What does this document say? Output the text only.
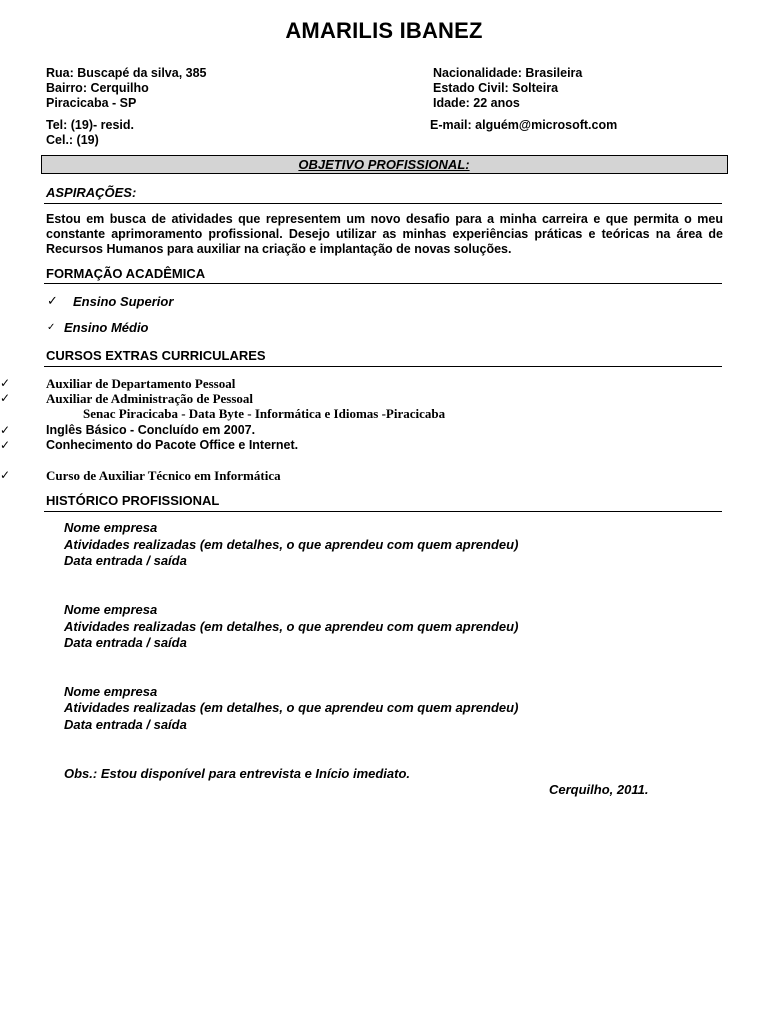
AMARILIS IBANEZ
Rua: Buscapé da silva, 385
Bairro: Cerquilho
Piracicaba - SP
Tel: (19)- resid.
Cel.: (19)
Nacionalidade: Brasileira
Estado Civil: Solteira
Idade: 22 anos
E-mail: alguém@microsoft.com
OBJETIVO PROFISSIONAL:
ASPIRAÇÕES:
Estou em busca de atividades que representem um novo desafio para a minha carreira e que permita o meu constante aprimoramento profissional. Desejo utilizar as minhas experiências práticas e teóricas na área de Recursos Humanos para auxiliar na criação e implantação de novas soluções.
FORMAÇÃO ACADÊMICA
✓ Ensino Superior
✓ Ensino Médio
CURSOS EXTRAS CURRICULARES
✓	Auxiliar de Departamento Pessoal
✓	Auxiliar de Administração de Pessoal
Senac Piracicaba - Data Byte - Informática e Idiomas -Piracicaba
✓	Inglês Básico - Concluído em 2007.
✓	Conhecimento do Pacote Office e Internet.
✓	Curso de Auxiliar Técnico em Informática
HISTÓRICO PROFISSIONAL
Nome empresa
Atividades realizadas (em detalhes, o que aprendeu com quem aprendeu)
Data entrada / saída
Nome empresa
Atividades realizadas (em detalhes, o que aprendeu com quem aprendeu)
Data entrada / saída
Nome empresa
Atividades realizadas (em detalhes, o que aprendeu com quem aprendeu)
Data entrada / saída
Obs.: Estou disponível para entrevista e Início imediato.
Cerquilho, 2011.
